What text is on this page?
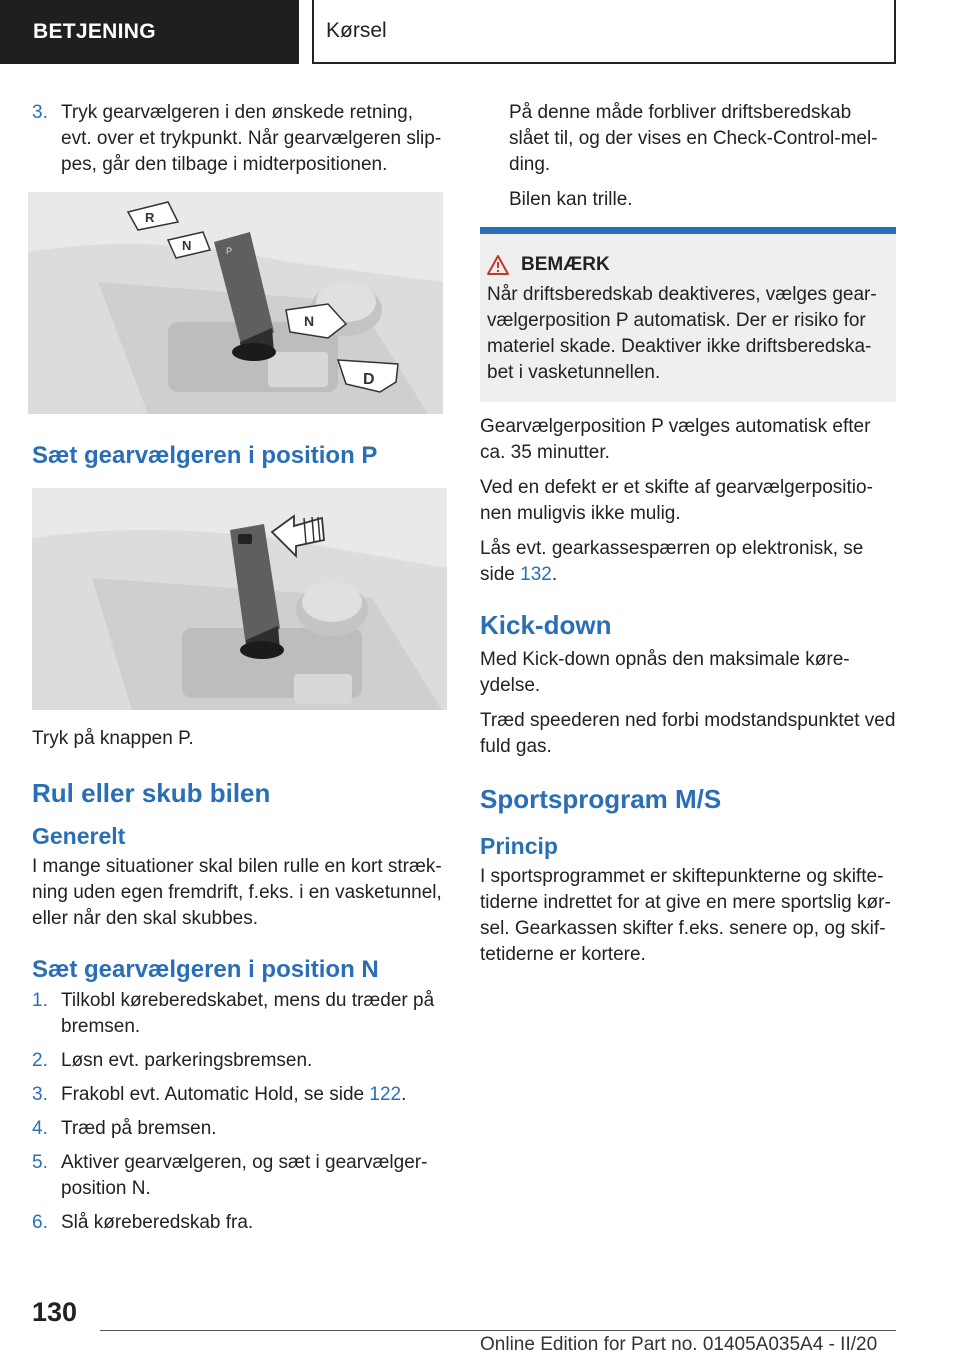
BETJENING	Kørsel
3. Tryk gearvælgeren i den ønskede retning, evt. over et trykpunkt. Når gearvælgeren slippes, går den tilbage i midterpositionen.
R
N
N
D
P
Sæt gearvælgeren i position P

Tryk på knappen P.

Rul eller skub bilen
Generelt

I mange situationer skal bilen rulle en kort strækning uden egen fremdrift, f.eks. i en vasketunnel, eller når den skal skubbes.

Sæt gearvælgeren i position N
1. Tilkobl køreberedskabet, mens du træder på bremsen.
2. Løsn evt. parkeringsbremsen.
3. Frakobl evt. Automatic Hold, se side 122.
4. Træd på bremsen.
5. Aktiver gearvælgeren, og sæt i gearvælgerposition N.
6. Slå køreberedskab fra.

På denne måde forbliver driftsberedskab slået til, og der vises en Check-Control-melding.

Bilen kan trille.

BEMÆRK

Når driftsberedskab deaktiveres, vælges gearvælgerposition P automatisk. Der er risiko for materiel skade. Deaktiver ikke driftsberedskabet i vasketunnellen.

Gearvælgerposition P vælges automatisk efter ca. 35 minutter.

Ved en defekt er et skifte af gearvælgerpositionen muligvis ikke mulig.

Lås evt. gearkassespærren op elektronisk, se side 132.

Kick-down

Med Kick-down opnås den maksimale køreydelse.

Træd speederen ned forbi modstandspunktet ved fuld gas.

Sportsprogram M/S
Princip

I sportsprogrammet er skiftepunkterne og skiftetiderne indrettet for at give en mere sportslig kørsel. Gearkassen skifter f.eks. senere op, og skiftetiderne er kortere.

130
Online Edition for Part no. 01405A035A4 - II/20
